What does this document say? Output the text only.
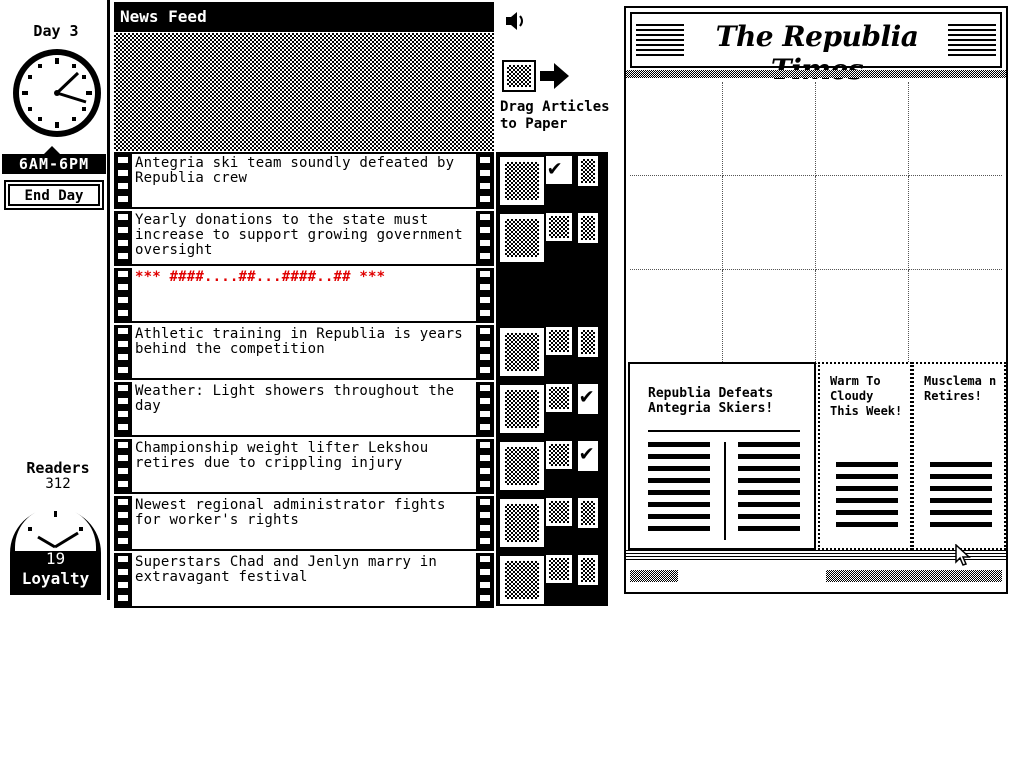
Day 3
6AM-6PM
End Day
Readers
312
19
Loyalty
News Feed
Antegria ski team soundly defeated by Republia crew
Yearly donations to the state must increase to support growing government oversight
*** ####....##...####..## ***
Athletic training in Republia is years behind the competition
Weather: Light showers throughout the day
Championship weight lifter Lekshou retires due to crippling injury
Newest regional administrator fights for worker's rights
Superstars Chad and Jenlyn marry in extravagant festival
Drag Articles to Paper
✔
✔
✔
The Republia
Republia Defeats Antegria Skiers!
Warm To Cloudy This Week!
Musclema n Retires!
